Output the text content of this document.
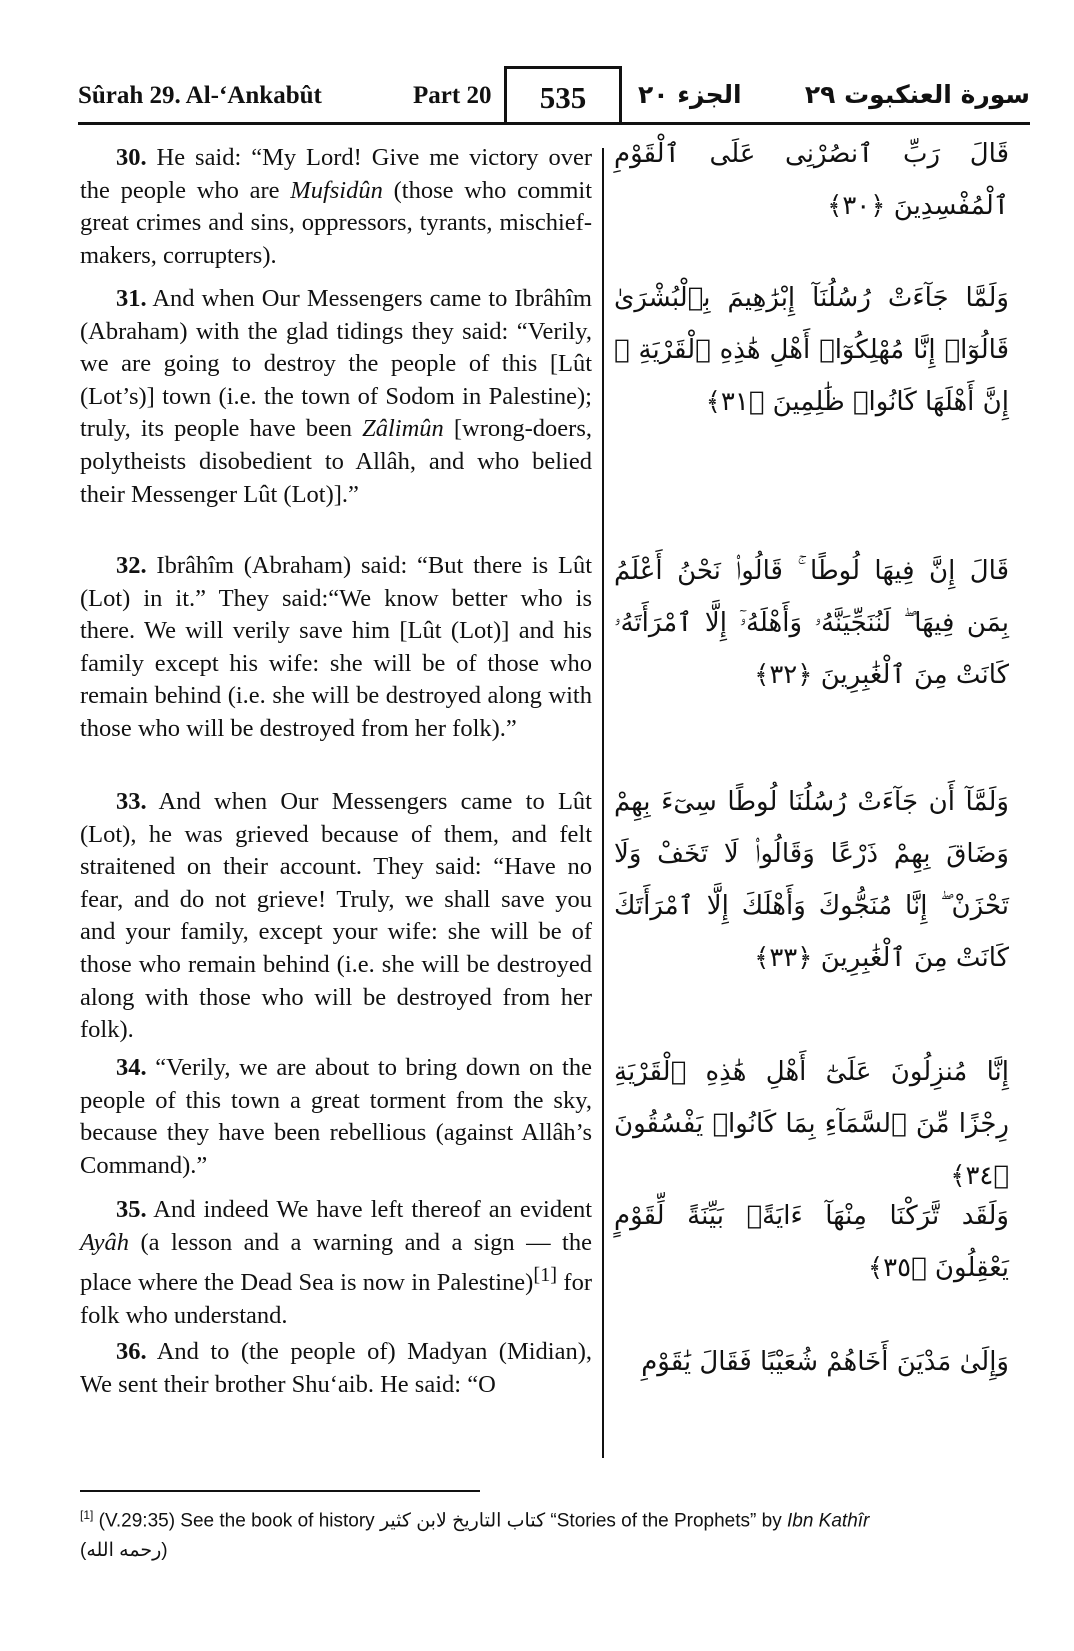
Sûrah 29. Al-‘Ankabût	Part 20	535	الجزء ٢٠	سورة العنكبوت ٢٩
30. He said: “My Lord! Give me victory over the people who are Mufsidûn (those who commit great crimes and sins, oppressors, tyrants, mischief-makers, corrupters).
قَالَ رَبِّ ٱنصُرْنِى عَلَى ٱلْقَوْمِ ٱلْمُفْسِدِينَ ﴿٣٠﴾
31. And when Our Messengers came to Ibrâhîm (Abraham) with the glad tidings they said: “Verily, we are going to destroy the people of this [Lût (Lot’s)] town (i.e. the town of Sodom in Palestine); truly, its people have been Zâlimûn [wrong-doers, polytheists disobedient to Allâh, and who belied their Messenger Lût (Lot)].”
وَلَمَّا جَآءَتْ رُسُلُنَآ إِبْرَٰهِيمَ بِٱلْبُشْرَىٰ قَالُوٓا۟ إِنَّا مُهْلِكُوٓا۟ أَهْلِ هَٰذِهِ ٱلْقَرْيَةِ ۖ إِنَّ أَهْلَهَا كَانُوا۟ ظَٰلِمِينَ ﴿٣١﴾
32. Ibrâhîm (Abraham) said: “But there is Lût (Lot) in it.” They said:“We know better who is there. We will verily save him [Lût (Lot)] and his family except his wife: she will be of those who remain behind (i.e. she will be destroyed along with those who will be destroyed from her folk).”
قَالَ إِنَّ فِيهَا لُوطًا ۚ قَالُوا۟ نَحْنُ أَعْلَمُ بِمَن فِيهَا ۖ لَنُنَجِّيَنَّهُۥ وَأَهْلَهُۥٓ إِلَّا ٱمْرَأَتَهُۥ كَانَتْ مِنَ ٱلْغَٰبِرِينَ ﴿٣٢﴾
33. And when Our Messengers came to Lût (Lot), he was grieved because of them, and felt straitened on their account. They said: “Have no fear, and do not grieve! Truly, we shall save you and your family, except your wife: she will be of those who remain behind (i.e. she will be destroyed along with those who will be destroyed from her folk).
وَلَمَّآ أَن جَآءَتْ رُسُلُنَا لُوطًا سِىٓءَ بِهِمْ وَضَاقَ بِهِمْ ذَرْعًا وَقَالُوا۟ لَا تَخَفْ وَلَا تَحْزَنْ ۖ إِنَّا مُنَجُّوكَ وَأَهْلَكَ إِلَّا ٱمْرَأَتَكَ كَانَتْ مِنَ ٱلْغَٰبِرِينَ ﴿٣٣﴾
34. “Verily, we are about to bring down on the people of this town a great torment from the sky, because they have been rebellious (against Allâh’s Command).”
إِنَّا مُنزِلُونَ عَلَىٰٓ أَهْلِ هَٰذِهِ ٱلْقَرْيَةِ رِجْزًا مِّنَ ٱلسَّمَآءِ بِمَا كَانُوا۟ يَفْسُقُونَ ﴿٣٤﴾
35. And indeed We have left thereof an evident Ayâh (a lesson and a warning and a sign — the place where the Dead Sea is now in Palestine)[1] for folk who understand.
وَلَقَد تَّرَكْنَا مِنْهَآ ءَايَةًۢ بَيِّنَةً لِّقَوْمٍ يَعْقِلُونَ ﴿٣٥﴾
36. And to (the people of) Madyan (Midian), We sent their brother Shu‘aib. He said: “O
وَإِلَىٰ مَدْيَنَ أَخَاهُمْ شُعَيْبًا فَقَالَ يَٰقَوْمِ
[1] (V.29:35) See the book of history كتاب التاريخ لابن كثير “Stories of the Prophets” by Ibn Kathîr
(رحمه الله)
